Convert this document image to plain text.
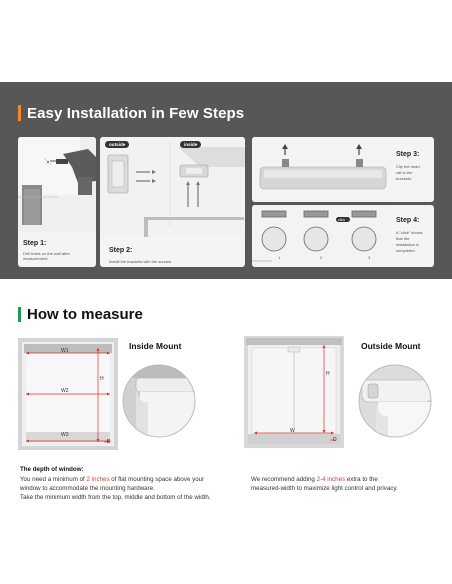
Easy Installation in Few Steps
Step 1:
Drill holes on the wall after
measurement.
outside	inside
Step 2:
Install the brackets with the screws.
Step 3:
Clip the head
rail to the
brackets.
click
1	2	3
Step 4:
A "click" shows
that the
installation is
completed.
How to measure
W1
W2
W3
H
D
Inside Mount
W
H
D
Outside Mount
The depth of window:
You need a minimum of 2 inches of flat mounting space above your
window to accommodate the mounting hardware.
Take the minimum width from the top, middle and bottom of the width.
We recommend adding 2-4 inches extra to the
measured-width to maximize light control and privacy.
